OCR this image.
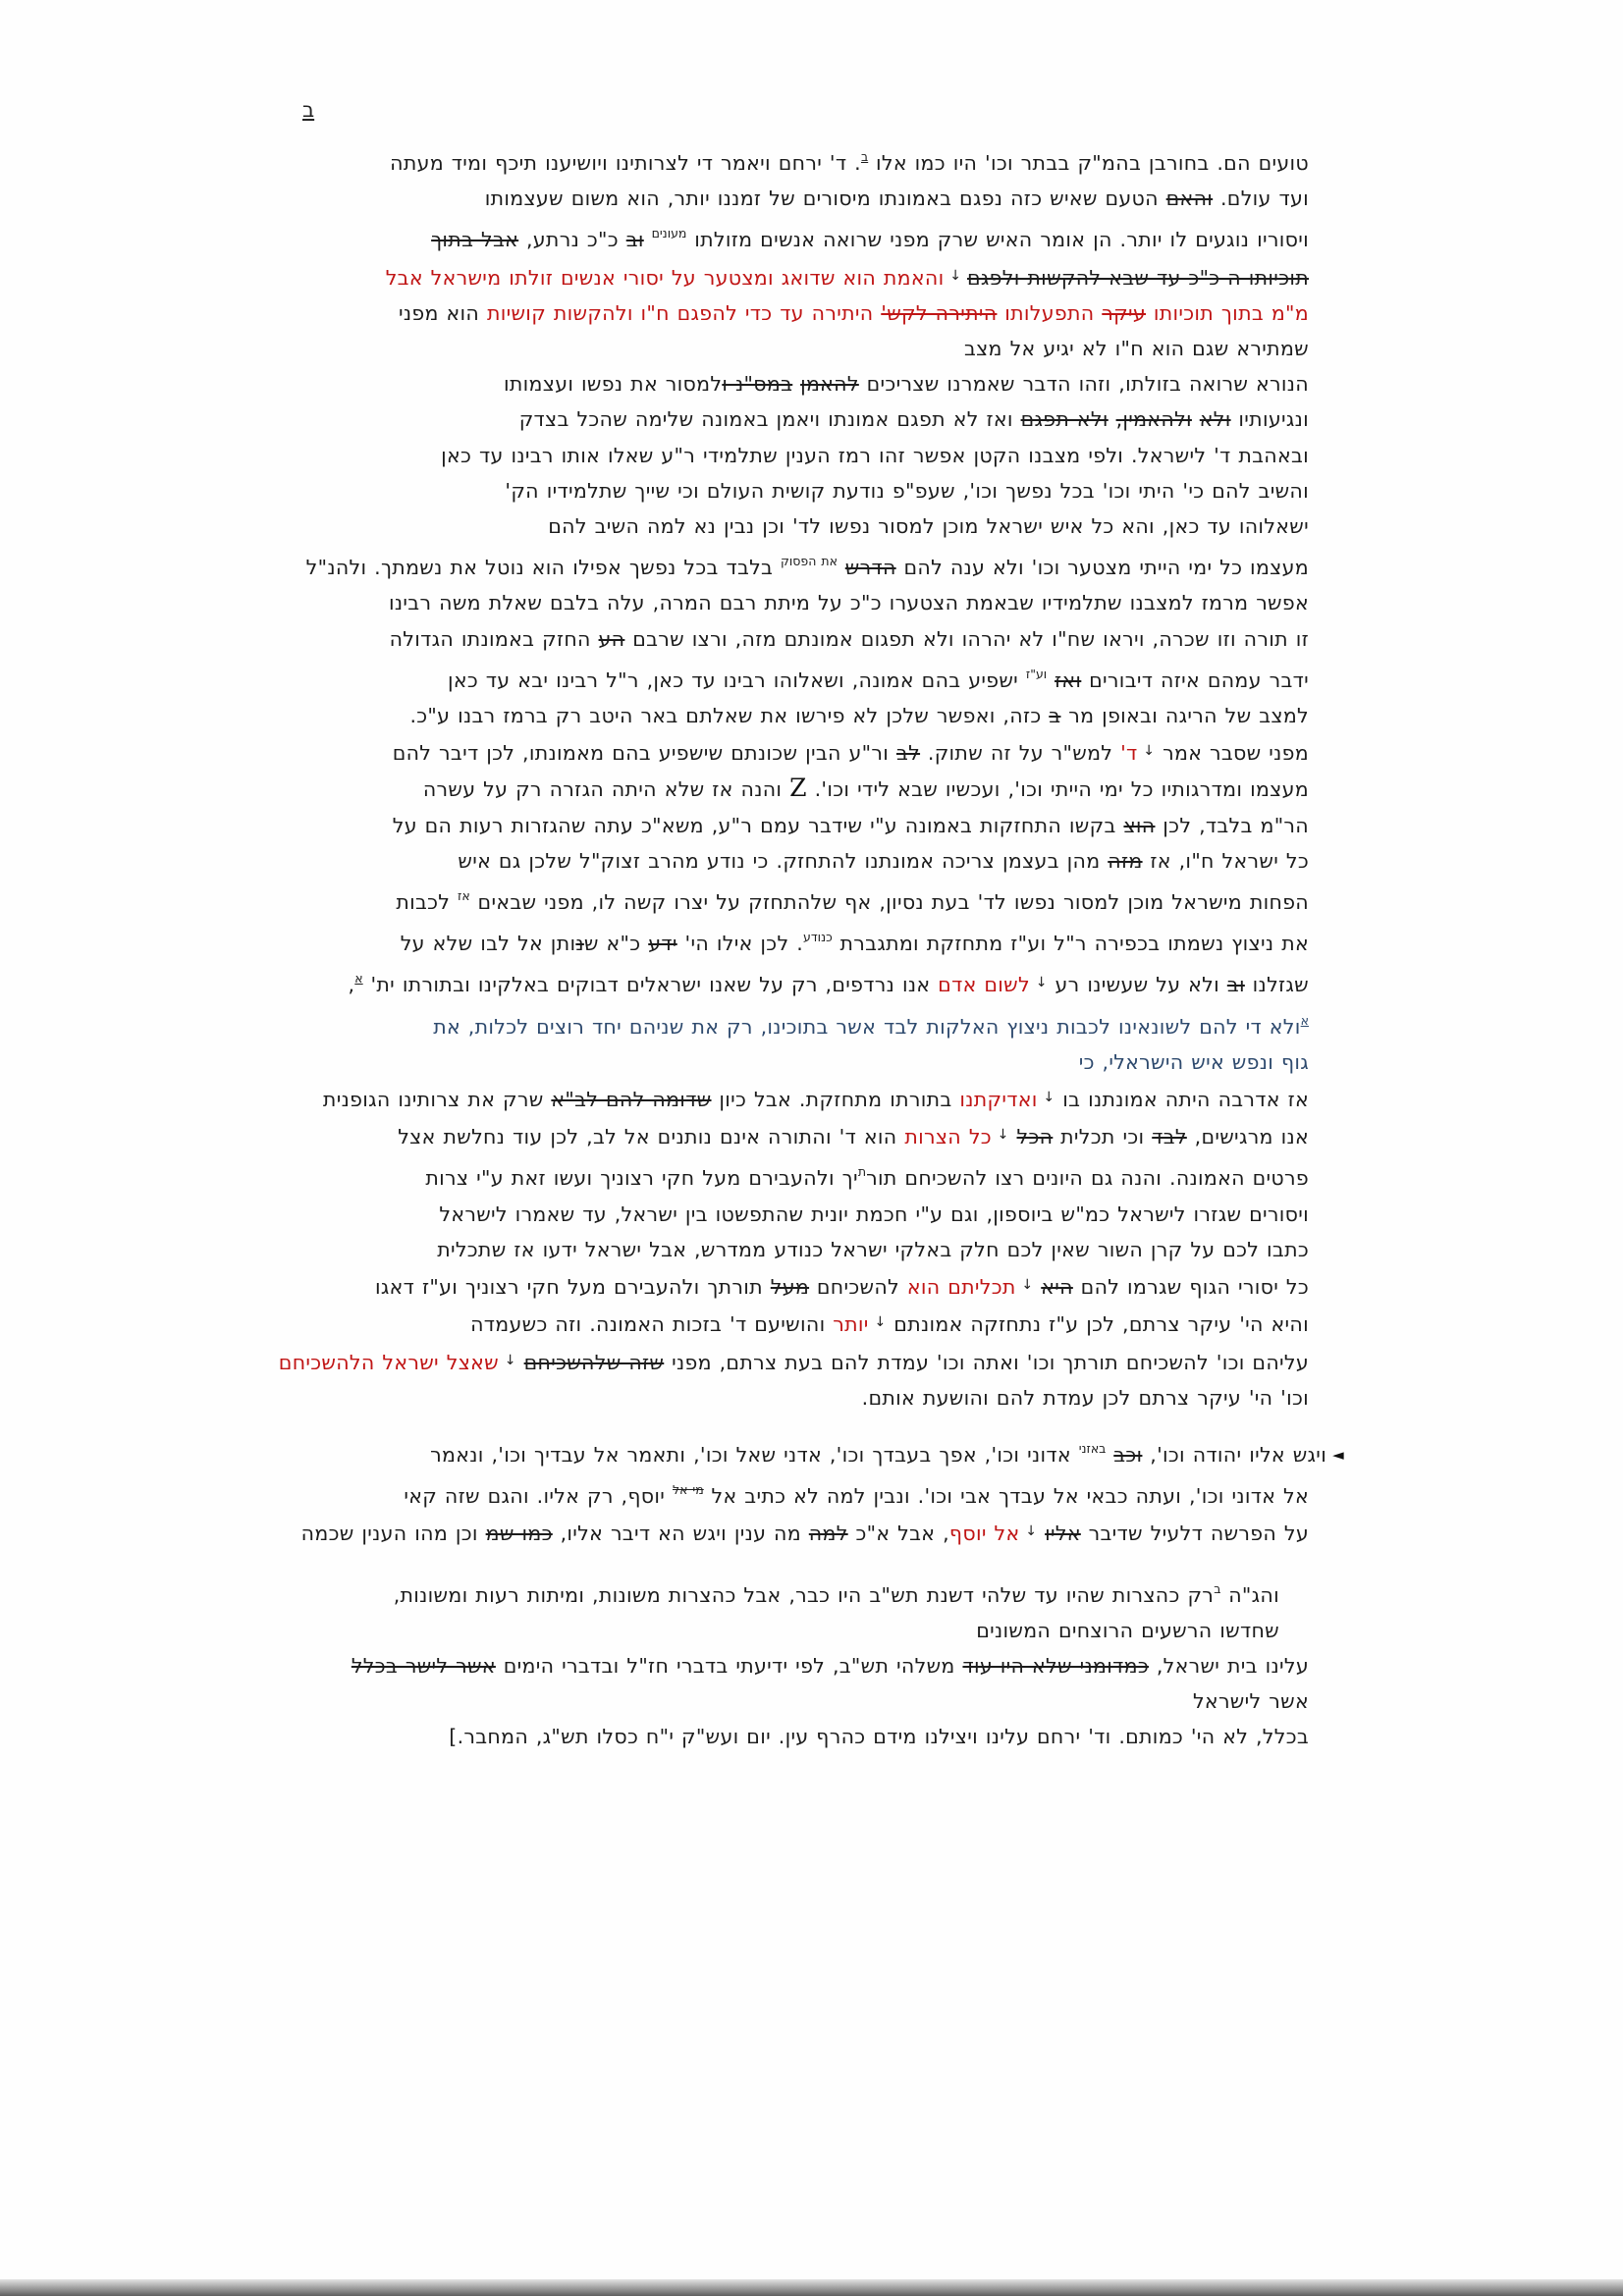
ב
טועים הם. בחורבן בהמ"ק בבתר וכו' היו כמו אלו $^ב$. ד' ירחם ויאמר די לצרותינו ויושיענו תיכף ומיד מעתה
ועד עולם. והאם הטעם שאיש כזה נפגם באמונתו מיסורים של זמננו יותר, הוא משום שעצמותו
ויסוריו נוגעים לו יותר. הן אומר האיש שרק מפני שרואה אנשים מזולתו $^{מעונים}$ וב כ"כ נרתע, אבל בתוך
תוכיותו ה כ"כ עד שבא להקשות ולפגם ↓ והאמת הוא שדואג ומצטער על יסורי אנשים זולתו מישראל אבל
מ"מ בתוך תוכיותו עיקר התפעלותו היתירה לקש' היתירה עד כדי להפגם ח"ו ולהקשות קושיות הוא מפני
שמתירא שגם הוא ח"ו לא יגיע אל מצב
הנורא שרואה בזולתו, וזהו הדבר שאמרנו שצריכים להאמן במס"נ ולמסור את נפשו ועצמותו
ונגיעותיו ולא ולהאמין, ולא תפגם ואז לא תפגם אמונתו ויאמן באמונה שלימה שהכל בצדק
ובאהבת ד' לישראל. ולפי מצבנו הקטן אפשר זהו רמז הענין שתלמידי ר"ע שאלו אותו רבינו עד כאן
והשיב להם כי' היתי וכו' בכל נפשך וכו', שעפ"פ נודעת קושית העולם וכי שייך שתלמידיו הק'
ישאלוהו עד כאן, והא כל איש ישראל מוכן למסור נפשו לד' וכן נבין נא למה השיב להם
מעצמו כל ימי הייתי מצטער וכו' ולא ענה להם הדרש $^{את הפסוק}$ בלבד בכל נפשך אפילו הוא נוטל את נשמתך. ולהנ"ל
אפשר מרמז למצבנו שתלמידיו שבאמת הצטערו כ"כ על מיתת רבם המרה, עלה בלבם שאלת משה רבינו
זו תורה וזו שכרה, ויראו שח"ו לא יהרהו ולא תפגום אמונתם מזה, ורצו שרבם הע החזק באמונתו הגדולה
ידבר עמהם איזה דיבורים ואז $^{וע"ז}$ ישפיע בהם אמונה, ושאלוהו רבינו עד כאן, ר"ל רבינו יבא עד כאן
למצב של הריגה ובאופן מר ב כזה, ואפשר שלכן לא פירשו את שאלתם באר היטב רק ברמז רבנו ע"כ.
מפני שסבר אמר ↓ ד' למש"ר על זה שתוק. לב ור"ע הבין שכונתם שישפיע בהם מאמונתו, לכן דיבר להם
מעצמו ומדרגותיו כל ימי הייתי וכו', ועכשיו שבא לידי וכו'. Z והנה אז שלא היתה הגזרה רק על עשרה
הר"מ בלבד, לכן הוצ בקשו התחזקות באמונה ע"י שידבר עמם ר"ע, משא"כ עתה שהגזרות רעות הם על
כל ישראל ח"ו, אז מזה מהן בעצמן צריכה אמונתנו להתחזק. כי נודע מהרב זצוק"ל שלכן גם איש
הפחות מישראל מוכן למסור נפשו לד' בעת נסיון, אף שלהתחזק על יצרו קשה לו, מפני שבאים $^{אז}$ לכבות
את ניצוץ נשמתו בכפירה ר"ל וע"ז מתחזקת ומתגברת $^{כנודע}$. לכן אילו הי' ידע כ"א שנותן אל לבו שלא על
שגזלנו וב ולא על שעשינו רע ↓ לשום אדם אנו נרדפים, רק על שאנו ישראלים דבוקים באלקינו ובתורתו ית' $^א$,
$^א$ולא די להם לשונאינו לכבות ניצוץ האלקות לבד אשר בתוכינו, רק את שניהם יחד רוצים לכלות, את
גוף ונפש איש הישראלי, כי
אז אדרבה היתה אמונתנו בו ↓ ואדיקתנו בתורתו מתחזקת. אבל כיון שדומה להם לב"א שרק את צרותינו הגופנית
אנו מרגישים, לבד וכי תכלית הכל ↓ כל הצרות הוא ד' והתורה אינם נותנים אל לב, לכן עוד נחלשת אצל
פרטים האמונה. והנה גם היונים רצו להשכיחם תור$^ת$יך ולהעבירם מעל חקי רצוניך ועשו זאת ע"י צרות
ויסורים שגזרו לישראל כמ"ש ביוספון, וגם ע"י חכמת יונית שהתפשטו בין ישראל, עד שאמרו לישראל
כתבו לכם על קרן השור שאין לכם חלק באלקי ישראל כנודע ממדרש, אבל ישראל ידעו אז שתכלית
כל יסורי הגוף שגרמו להם היא ↓ תכליתם הוא להשכיחם מעל תורתך ולהעבירם מעל חקי רצוניך וע"ז דאגו
והיא הי' עיקר צרתם, לכן ע"ז נתחזקה אמונתם ↓ יותר והושיעם ד' בזכות האמונה. וזה כשעמדה
עליהם וכו' להשכיחם תורתך וכו' ואתה וכו' עמדת להם בעת צרתם, מפני שזה שלהשכיחם ↓ שאצל ישראל הלהשכיחם
וכו' הי' עיקר צרתם לכן עמדת להם והושעת אותם.
◄ ויגש אליו יהודה וכו', וכב $^{באזני}$ אדוני וכו', אפך בעבדך וכו', אדני שאל וכו', ותאמר אל עבדיך וכו', ונאמר
אל אדוני וכו', ועתה כבאי אל עבדך אבי וכו'. ונבין למה לא כתיב אל $^{מי אל}$ יוסף, רק אליו. והגם שזה קאי
על הפרשה דלעיל שדיבר אליו ↓ אל יוסף, אבל א"כ למה מה ענין ויגש הא דיבר אליו, כמו שמ וכן מהו הענין שכמה
והג"ה $^ב$רק כהצרות שהיו עד שלהי דשנת תש"ב היו כבר, אבל כהצרות משונות, ומיתות רעות ומשונות,
שחדשו הרשעים הרוצחים המשונים
עלינו בית ישראל, כמדומני שלא היו עוד משלהי תש"ב, לפי ידיעתי בדברי חז"ל ובדברי הימים אשר לישר בכלל
אשר לישראל
בכלל, לא הי' כמותם. וד' ירחם עלינו ויצילנו מידם כהרף עין. יום ועש"ק י"ח כסלו תש"ג, המחבר.]
